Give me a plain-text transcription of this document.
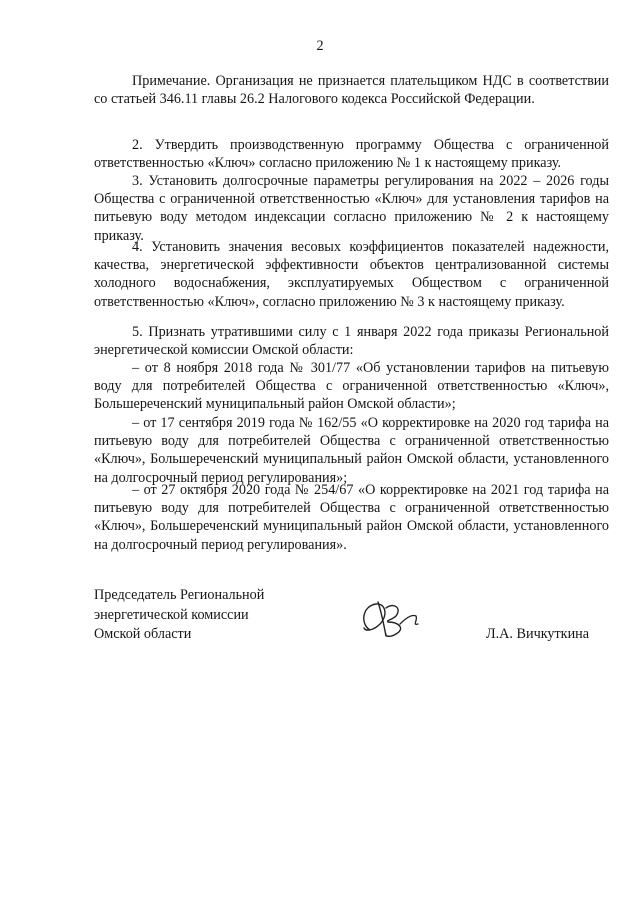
2

Примечание. Организация не признается плательщиком НДС в соответствии со статьей 346.11 главы 26.2 Налогового кодекса Российской Федерации.

2. Утвердить производственную программу Общества с ограниченной ответственностью «Ключ» согласно приложению № 1 к настоящему приказу.

3. Установить долгосрочные параметры регулирования на 2022 – 2026 годы Общества с ограниченной ответственностью «Ключ» для установления тарифов на питьевую воду методом индексации согласно приложению № 2 к настоящему приказу.

4. Установить значения весовых коэффициентов показателей надежности, качества, энергетической эффективности объектов централизованной системы холодного водоснабжения, эксплуатируемых Обществом с ограниченной ответственностью «Ключ», согласно приложению № 3 к настоящему приказу.

5. Признать утратившими силу с 1 января 2022 года приказы Региональной энергетической комиссии Омской области:

– от 8 ноября 2018 года № 301/77 «Об установлении тарифов на питьевую воду для потребителей Общества с ограниченной ответственностью «Ключ», Большереченский муниципальный район Омской области»;

– от 17 сентября 2019 года № 162/55 «О корректировке на 2020 год тарифа на питьевую воду для потребителей Общества с ограниченной ответственностью «Ключ», Большереченский муниципальный район Омской области, установленного на долгосрочный период регулирования»;

– от 27 октября 2020 года № 254/67 «О корректировке на 2021 год тарифа на питьевую воду для потребителей Общества с ограниченной ответственностью «Ключ», Большереченский муниципальный район Омской области, установленного на долгосрочный период регулирования».

Председатель Региональной
энергетической комиссии
Омской области	Л.А. Вичкуткина
